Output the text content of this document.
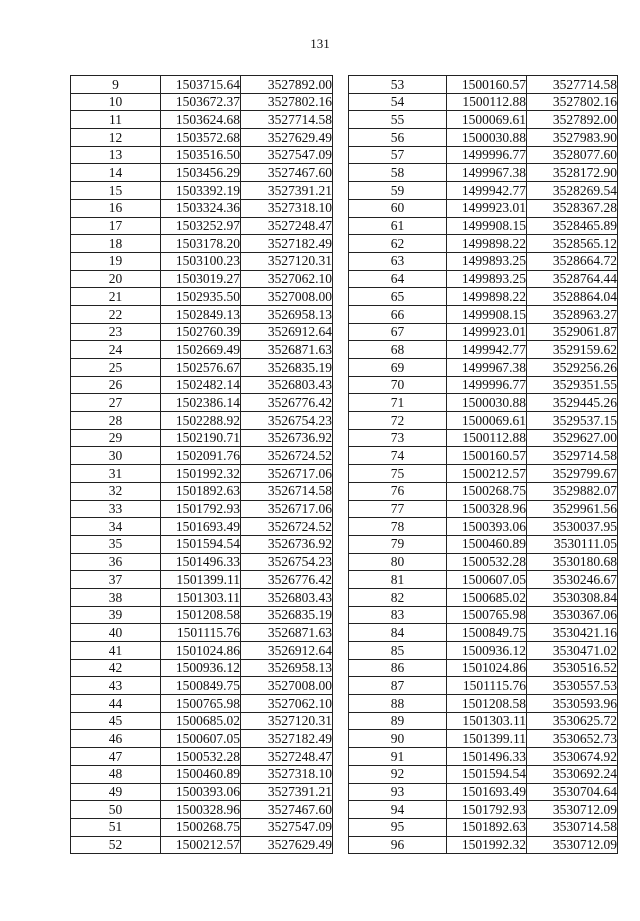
131
9	1503715.64	3527892.00
10	1503672.37	3527802.16
11	1503624.68	3527714.58
12	1503572.68	3527629.49
13	1503516.50	3527547.09
14	1503456.29	3527467.60
15	1503392.19	3527391.21
16	1503324.36	3527318.10
17	1503252.97	3527248.47
18	1503178.20	3527182.49
19	1503100.23	3527120.31
20	1503019.27	3527062.10
21	1502935.50	3527008.00
22	1502849.13	3526958.13
23	1502760.39	3526912.64
24	1502669.49	3526871.63
25	1502576.67	3526835.19
26	1502482.14	3526803.43
27	1502386.14	3526776.42
28	1502288.92	3526754.23
29	1502190.71	3526736.92
30	1502091.76	3526724.52
31	1501992.32	3526717.06
32	1501892.63	3526714.58
33	1501792.93	3526717.06
34	1501693.49	3526724.52
35	1501594.54	3526736.92
36	1501496.33	3526754.23
37	1501399.11	3526776.42
38	1501303.11	3526803.43
39	1501208.58	3526835.19
40	1501115.76	3526871.63
41	1501024.86	3526912.64
42	1500936.12	3526958.13
43	1500849.75	3527008.00
44	1500765.98	3527062.10
45	1500685.02	3527120.31
46	1500607.05	3527182.49
47	1500532.28	3527248.47
48	1500460.89	3527318.10
49	1500393.06	3527391.21
50	1500328.96	3527467.60
51	1500268.75	3527547.09
52	1500212.57	3527629.49
53	1500160.57	3527714.58
54	1500112.88	3527802.16
55	1500069.61	3527892.00
56	1500030.88	3527983.90
57	1499996.77	3528077.60
58	1499967.38	3528172.90
59	1499942.77	3528269.54
60	1499923.01	3528367.28
61	1499908.15	3528465.89
62	1499898.22	3528565.12
63	1499893.25	3528664.72
64	1499893.25	3528764.44
65	1499898.22	3528864.04
66	1499908.15	3528963.27
67	1499923.01	3529061.87
68	1499942.77	3529159.62
69	1499967.38	3529256.26
70	1499996.77	3529351.55
71	1500030.88	3529445.26
72	1500069.61	3529537.15
73	1500112.88	3529627.00
74	1500160.57	3529714.58
75	1500212.57	3529799.67
76	1500268.75	3529882.07
77	1500328.96	3529961.56
78	1500393.06	3530037.95
79	1500460.89	3530111.05
80	1500532.28	3530180.68
81	1500607.05	3530246.67
82	1500685.02	3530308.84
83	1500765.98	3530367.06
84	1500849.75	3530421.16
85	1500936.12	3530471.02
86	1501024.86	3530516.52
87	1501115.76	3530557.53
88	1501208.58	3530593.96
89	1501303.11	3530625.72
90	1501399.11	3530652.73
91	1501496.33	3530674.92
92	1501594.54	3530692.24
93	1501693.49	3530704.64
94	1501792.93	3530712.09
95	1501892.63	3530714.58
96	1501992.32	3530712.09
